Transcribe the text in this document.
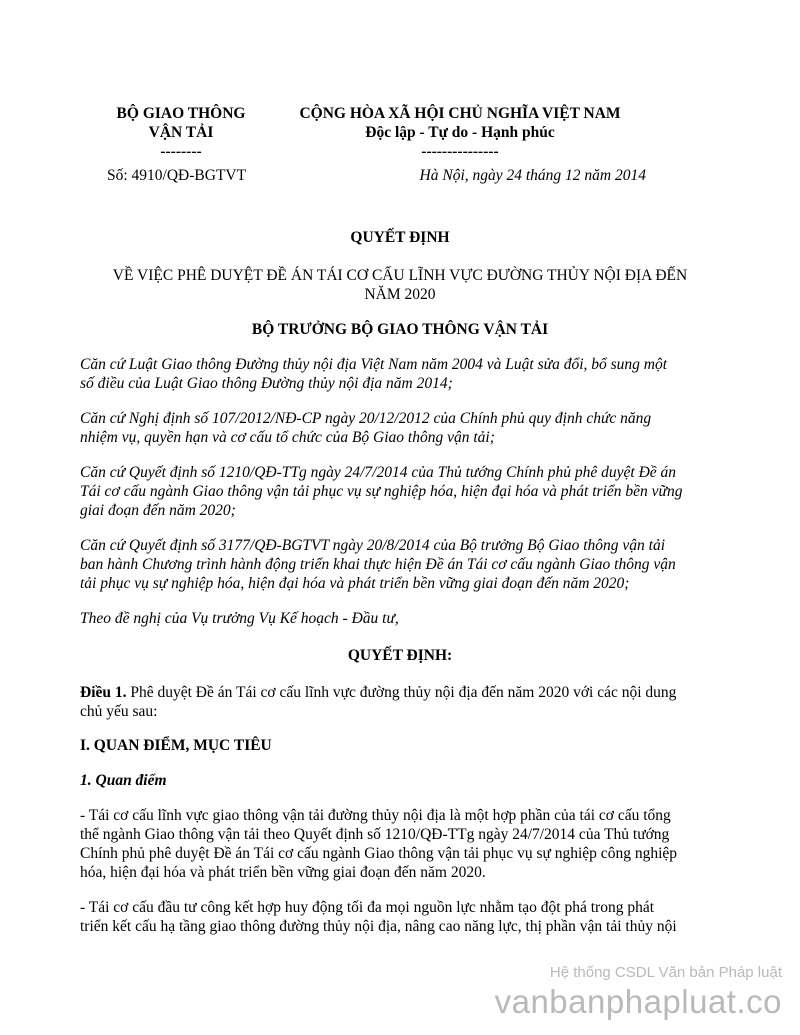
BỘ GIAO THÔNG
VẬN TẢI
--------
CỘNG HÒA XÃ HỘI CHỦ NGHĨA VIỆT NAM
Độc lập - Tự do - Hạnh phúc
---------------
Số: 4910/QĐ-BGTVT	Hà Nội, ngày 24 tháng 12 năm 2014
QUYẾT ĐỊNH
VỀ VIỆC PHÊ DUYỆT ĐỀ ÁN TÁI CƠ CẤU LĨNH VỰC ĐƯỜNG THỦY NỘI ĐỊA ĐẾN
NĂM 2020
BỘ TRƯỞNG BỘ GIAO THÔNG VẬN TẢI
Căn cứ Luật Giao thông Đường thủy nội địa Việt Nam năm 2004 và Luật sửa đổi, bổ sung một
số điều của Luật Giao thông Đường thủy nội địa năm 2014;
Căn cứ Nghị định số 107/2012/NĐ-CP ngày 20/12/2012 của Chính phủ quy định chức năng
nhiệm vụ, quyền hạn và cơ cấu tổ chức của Bộ Giao thông vận tải;
Căn cứ Quyết định số 1210/QĐ-TTg ngày 24/7/2014 của Thủ tướng Chính phủ phê duyệt Đề án
Tái cơ cấu ngành Giao thông vận tải phục vụ sự nghiệp hóa, hiện đại hóa và phát triển bền vững
giai đoạn đến năm 2020;
Căn cứ Quyết định số 3177/QĐ-BGTVT ngày 20/8/2014 của Bộ trưởng Bộ Giao thông vận tải
ban hành Chương trình hành động triển khai thực hiện Đề án Tái cơ cấu ngành Giao thông vận
tải phục vụ sự nghiệp hóa, hiện đại hóa và phát triển bền vững giai đoạn đến năm 2020;
Theo đề nghị của Vụ trưởng Vụ Kế hoạch - Đầu tư,
QUYẾT ĐỊNH:
Điều 1. Phê duyệt Đề án Tái cơ cấu lĩnh vực đường thủy nội địa đến năm 2020 với các nội dung
chủ yếu sau:
I. QUAN ĐIỂM, MỤC TIÊU
1. Quan điểm
- Tái cơ cấu lĩnh vực giao thông vận tải đường thủy nội địa là một hợp phần của tái cơ cấu tổng
thể ngành Giao thông vận tải theo Quyết định số 1210/QĐ-TTg ngày 24/7/2014 của Thủ tướng
Chính phủ phê duyệt Đề án Tái cơ cấu ngành Giao thông vận tải phục vụ sự nghiệp công nghiệp
hóa, hiện đại hóa và phát triển bền vững giai đoạn đến năm 2020.
- Tái cơ cấu đầu tư công kết hợp huy động tối đa mọi nguồn lực nhằm tạo đột phá trong phát
triển kết cấu hạ tầng giao thông đường thủy nội địa, nâng cao năng lực, thị phần vận tải thủy nội
Hệ thống CSDL Văn bản Pháp luật
vanbanphapluat.co
